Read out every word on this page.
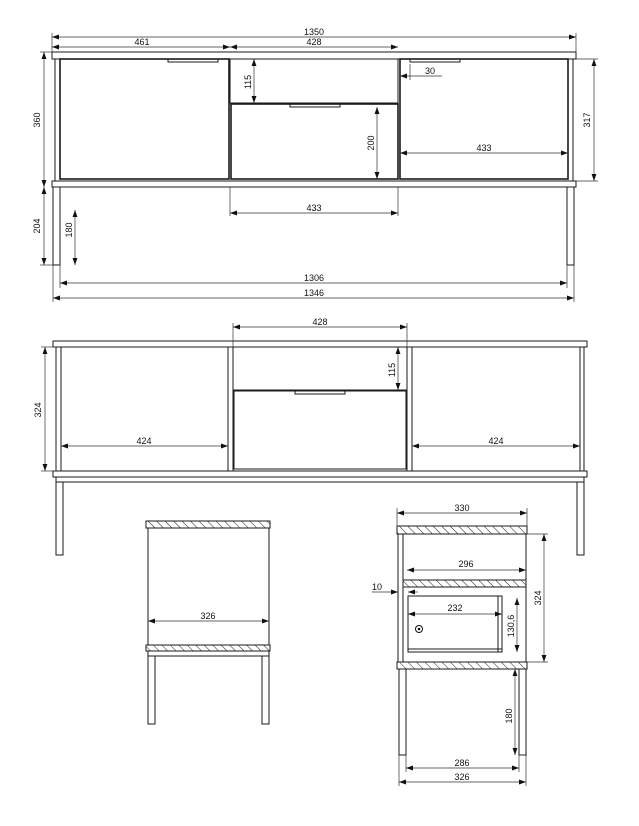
1350
461	428
115
30
360	317
200	433
433
204 180
1306
1346
428
115
324
424	424
326
330
296
10
232
130,6
324
180
286
326
